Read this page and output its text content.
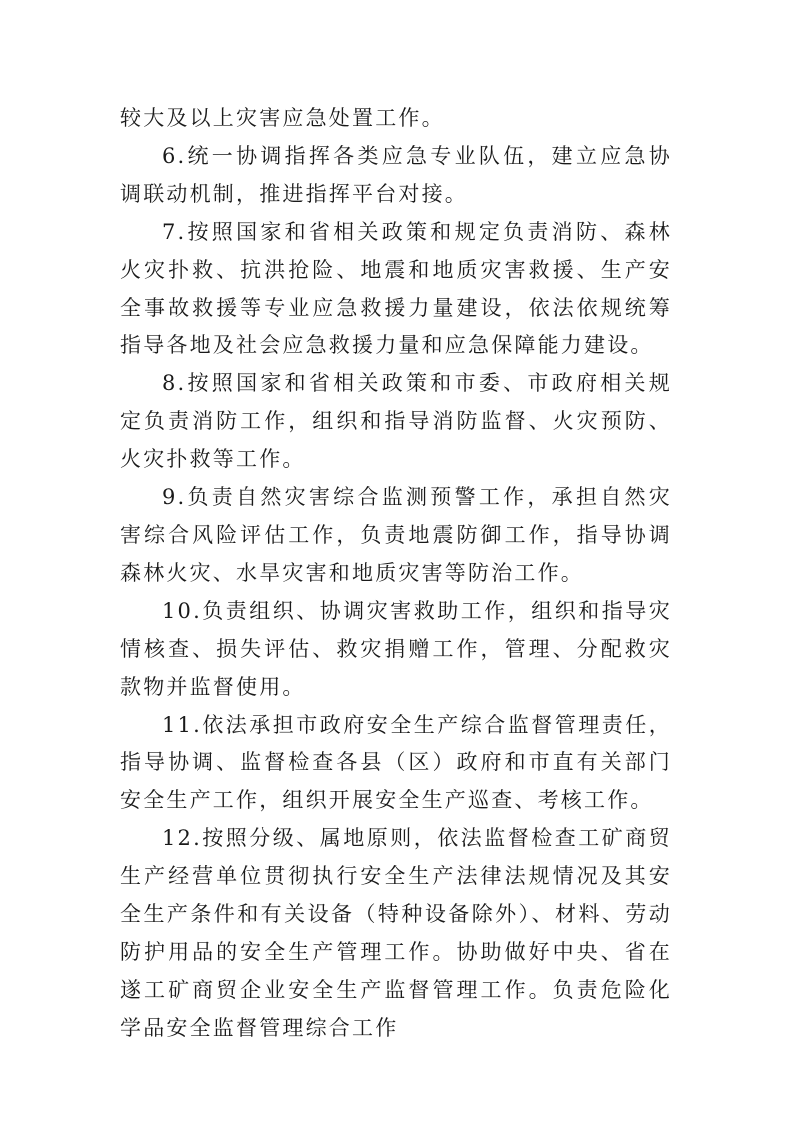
较大及以上灾害应急处置工作。

6.统一协调指挥各类应急专业队伍，建立应急协调联动机制，推进指挥平台对接。

7.按照国家和省相关政策和规定负责消防、森林火灾扑救、抗洪抢险、地震和地质灾害救援、生产安全事故救援等专业应急救援力量建设，依法依规统筹指导各地及社会应急救援力量和应急保障能力建设。

8.按照国家和省相关政策和市委、市政府相关规定负责消防工作，组织和指导消防监督、火灾预防、火灾扑救等工作。

9.负责自然灾害综合监测预警工作，承担自然灾害综合风险评估工作，负责地震防御工作，指导协调森林火灾、水旱灾害和地质灾害等防治工作。

10.负责组织、协调灾害救助工作，组织和指导灾情核查、损失评估、救灾捐赠工作，管理、分配救灾款物并监督使用。

11.依法承担市政府安全生产综合监督管理责任，指导协调、监督检查各县（区）政府和市直有关部门安全生产工作，组织开展安全生产巡查、考核工作。

12.按照分级、属地原则，依法监督检查工矿商贸生产经营单位贯彻执行安全生产法律法规情况及其安全生产条件和有关设备（特种设备除外）、材料、劳动防护用品的安全生产管理工作。协助做好中央、省在遂工矿商贸企业安全生产监督管理工作。负责危险化学品安全监督管理综合工作
